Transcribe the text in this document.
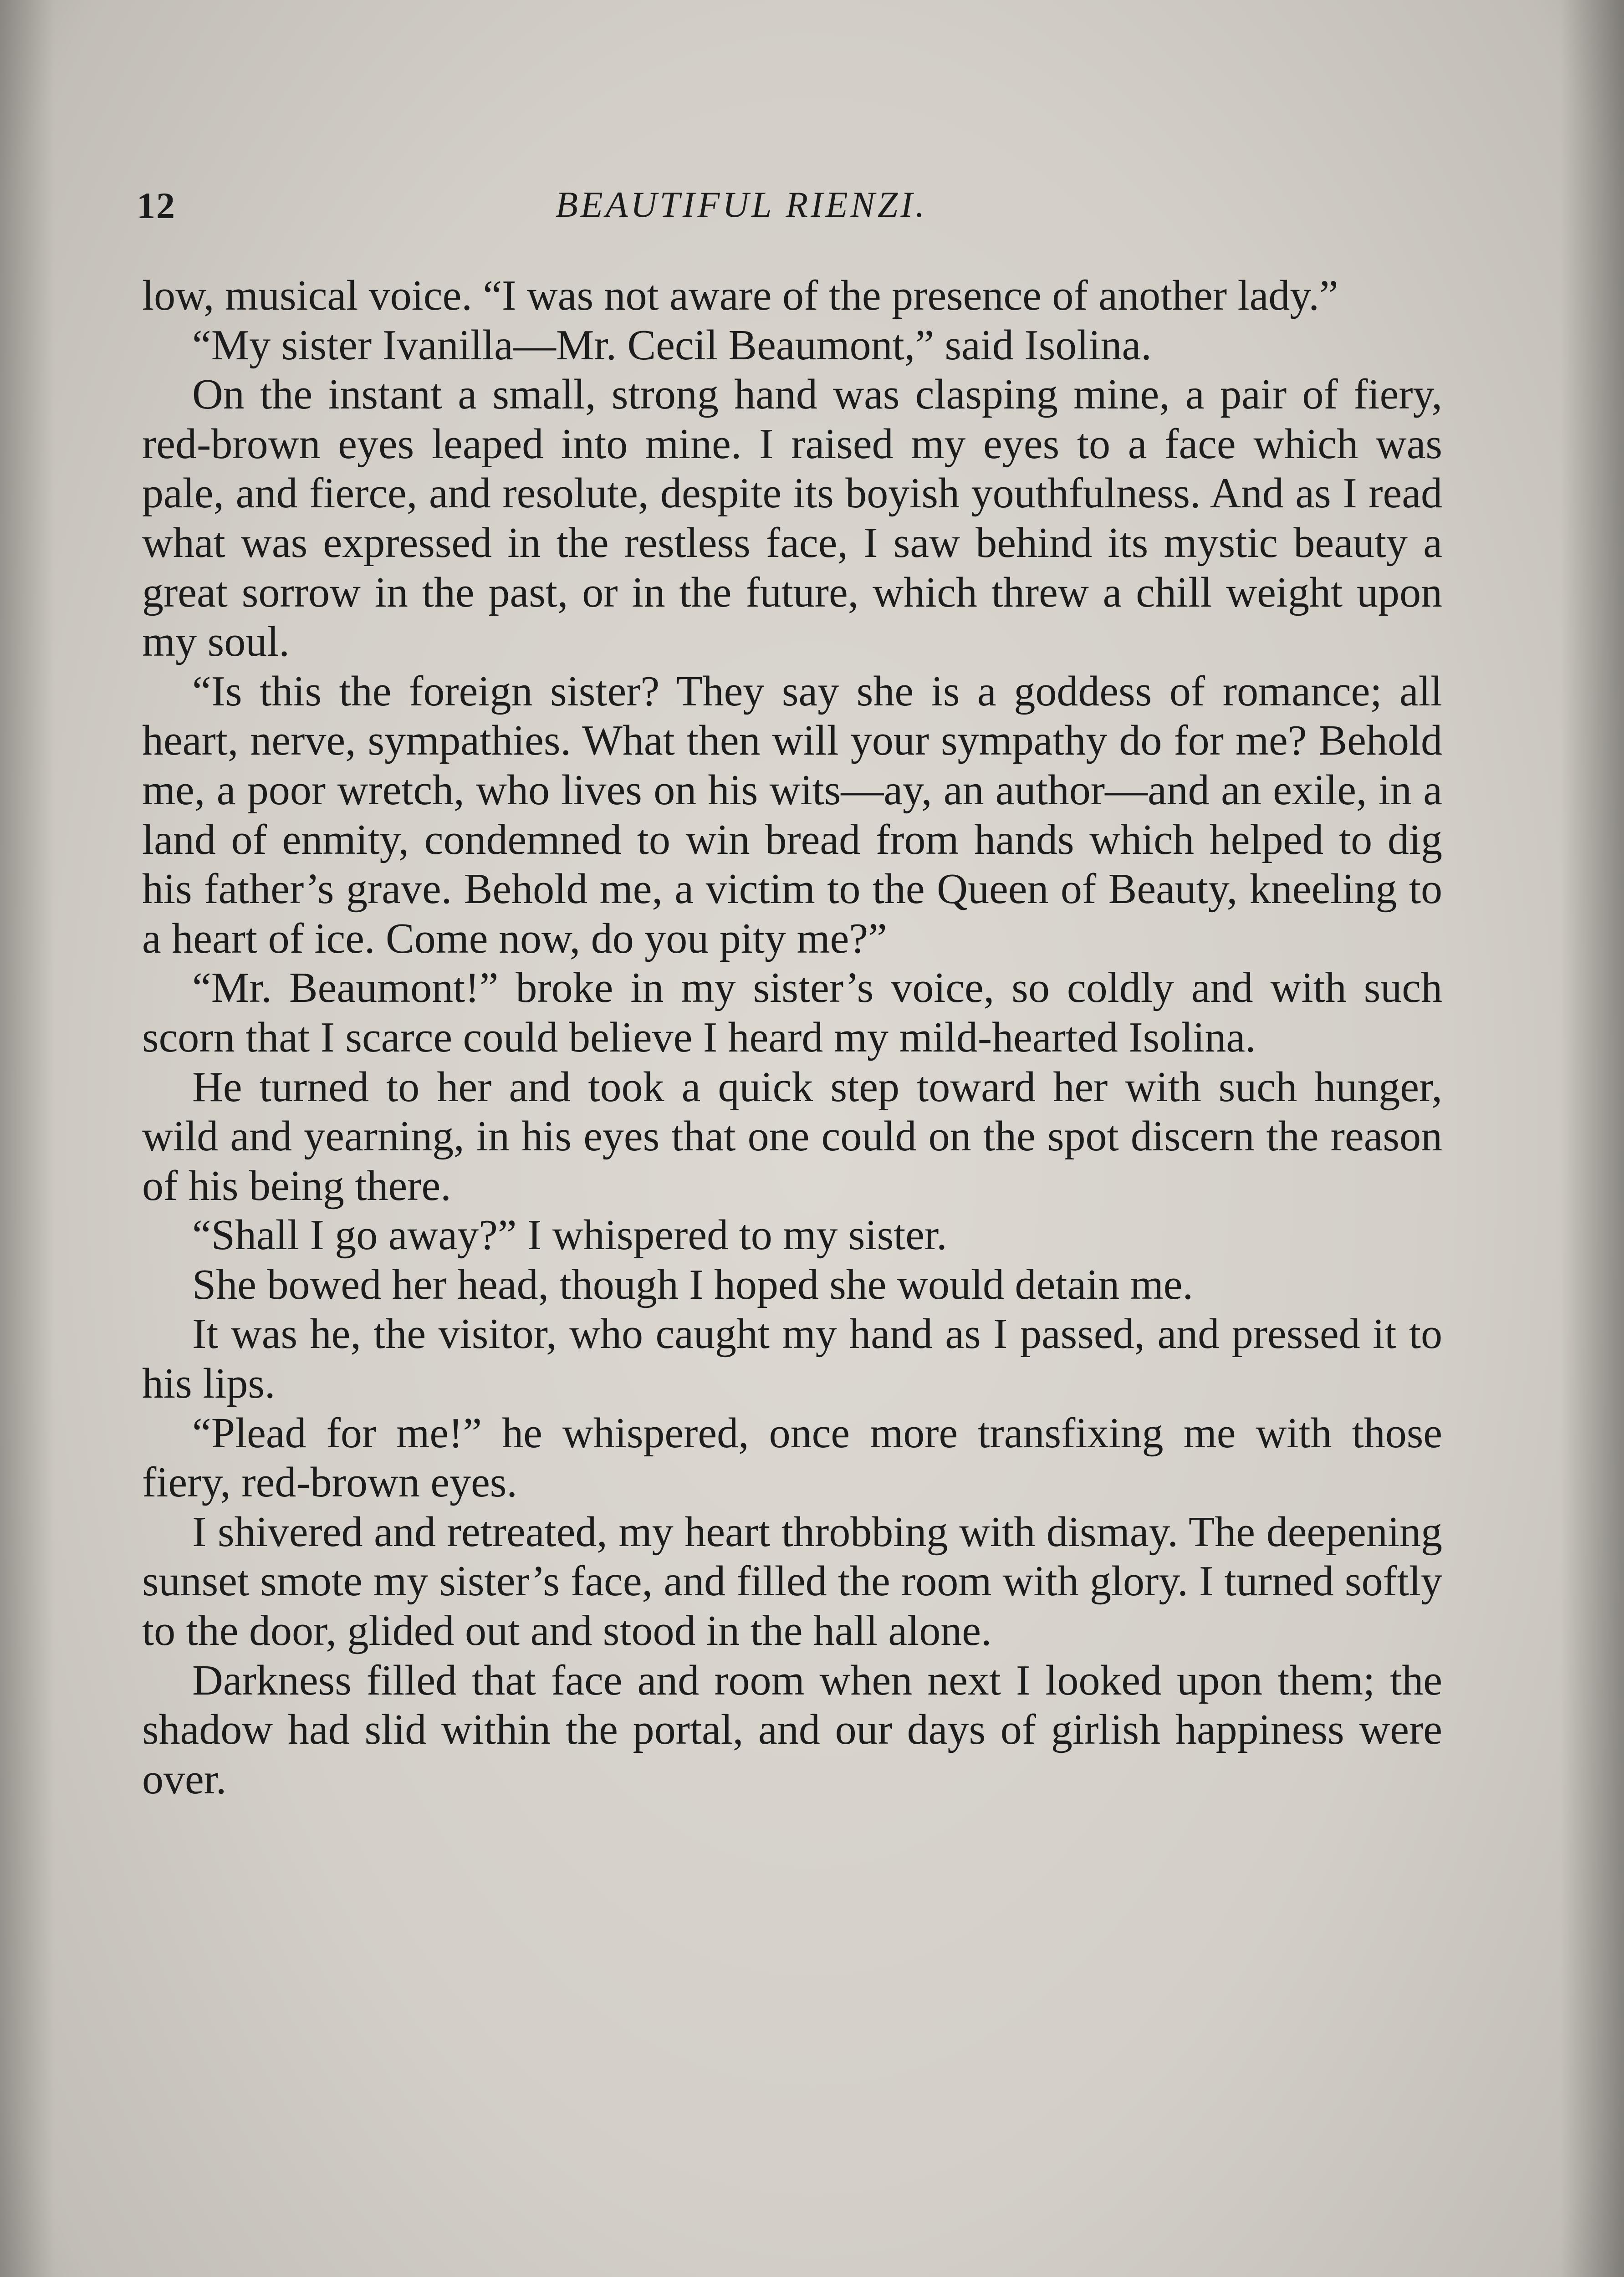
12	BEAUTIFUL RIENZI.

low, musical voice. “I was not aware of the presence of another lady.”

“My sister Ivanilla—Mr. Cecil Beaumont,” said Isolina.

On the instant a small, strong hand was clasping mine, a pair of fiery, red-brown eyes leaped into mine. I raised my eyes to a face which was pale, and fierce, and resolute, despite its boyish youthfulness. And as I read what was expressed in the restless face, I saw behind its mystic beauty a great sorrow in the past, or in the future, which threw a chill weight upon my soul.

“Is this the foreign sister? They say she is a goddess of romance; all heart, nerve, sympathies. What then will your sympathy do for me? Behold me, a poor wretch, who lives on his wits—ay, an author—and an exile, in a land of enmity, condemned to win bread from hands which helped to dig his father’s grave. Behold me, a victim to the Queen of Beauty, kneeling to a heart of ice. Come now, do you pity me?”

“Mr. Beaumont!” broke in my sister’s voice, so coldly and with such scorn that I scarce could believe I heard my mild-hearted Isolina.

He turned to her and took a quick step toward her with such hunger, wild and yearning, in his eyes that one could on the spot discern the reason of his being there.

“Shall I go away?” I whispered to my sister.

She bowed her head, though I hoped she would detain me.

It was he, the visitor, who caught my hand as I passed, and pressed it to his lips.

“Plead for me!” he whispered, once more transfixing me with those fiery, red-brown eyes.

I shivered and retreated, my heart throbbing with dismay. The deepening sunset smote my sister’s face, and filled the room with glory. I turned softly to the door, glided out and stood in the hall alone.

Darkness filled that face and room when next I looked upon them; the shadow had slid within the portal, and our days of girlish happiness were over.
